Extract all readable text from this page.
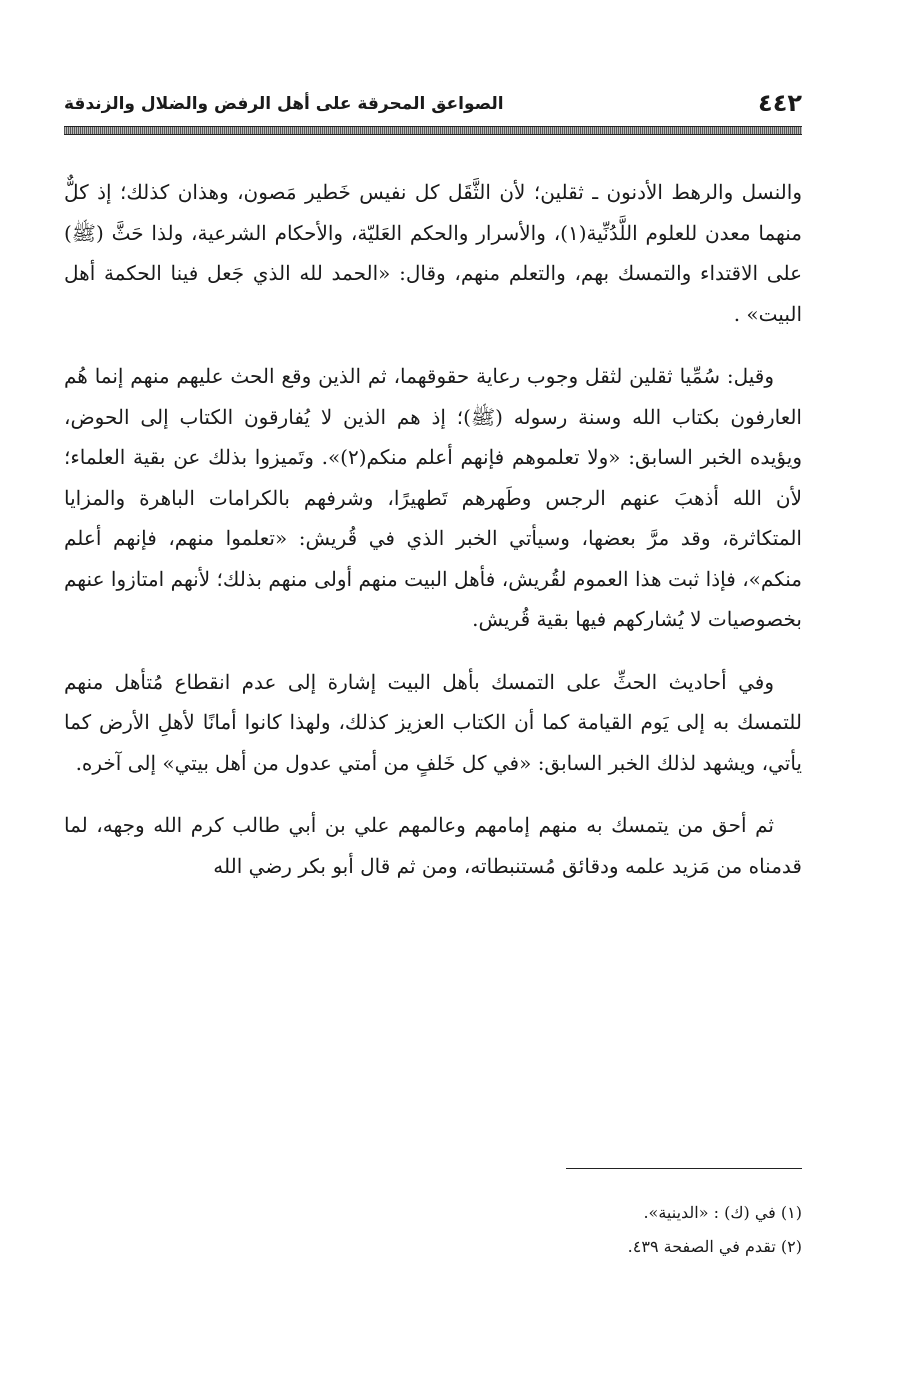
٤٤٢
الصواعق المحرقة على أهل الرفض والضلال والزندقة

والنسل والرهط الأدنون ـ ثقلين؛ لأن الثَّقَل كل نفيس خَطير مَصون، وهذان كذلك؛ إذ كلٌّ منهما معدن للعلوم اللَّدُنِّية(١)، والأسرار والحكم العَليّة، والأحكام الشرعية، ولذا حَثَّ (ﷺ) على الاقتداء والتمسك بهم، والتعلم منهم، وقال: «الحمد لله الذي جَعل فينا الحكمة أهل البيت» .

وقيل: سُمِّيا ثقلين لثقل وجوب رعاية حقوقهما، ثم الذين وقع الحث عليهم منهم إنما هُم العارفون بكتاب الله وسنة رسوله (ﷺ)؛ إذ هم الذين لا يُفارقون الكتاب إلى الحوض، ويؤيده الخبر السابق: «ولا تعلموهم فإنهم أعلم منكم(٢)». وتَميزوا بذلك عن بقية العلماء؛ لأن الله أذهبَ عنهم الرجس وطَهرهم تَطهيرًا، وشرفهم بالكرامات الباهرة والمزايا المتكاثرة، وقد مرَّ بعضها، وسيأتي الخبر الذي في قُريش: «تعلموا منهم، فإنهم أعلم منكم»، فإذا ثبت هذا العموم لقُريش، فأهل البيت منهم أولى منهم بذلك؛ لأنهم امتازوا عنهم بخصوصيات لا يُشاركهم فيها بقية قُريش.

وفي أحاديث الحثِّ على التمسك بأهل البيت إشارة إلى عدم انقطاع مُتأهل منهم للتمسك به إلى يَوم القيامة كما أن الكتاب العزيز كذلك، ولهذا كانوا أمانًا لأهلِ الأرض كما يأتي، ويشهد لذلك الخبر السابق: «في كل خَلفٍ من أمتي عدول من أهل بيتي» إلى آخره.

ثم أحق من يتمسك به منهم إمامهم وعالمهم علي بن أبي طالب كرم الله وجهه، لما قدمناه من مَزيد علمه ودقائق مُستنبطاته، ومن ثم قال أبو بكر رضي الله

(١) في (ك) : «الدينية».
(٢) تقدم في الصفحة ٤٣٩.
